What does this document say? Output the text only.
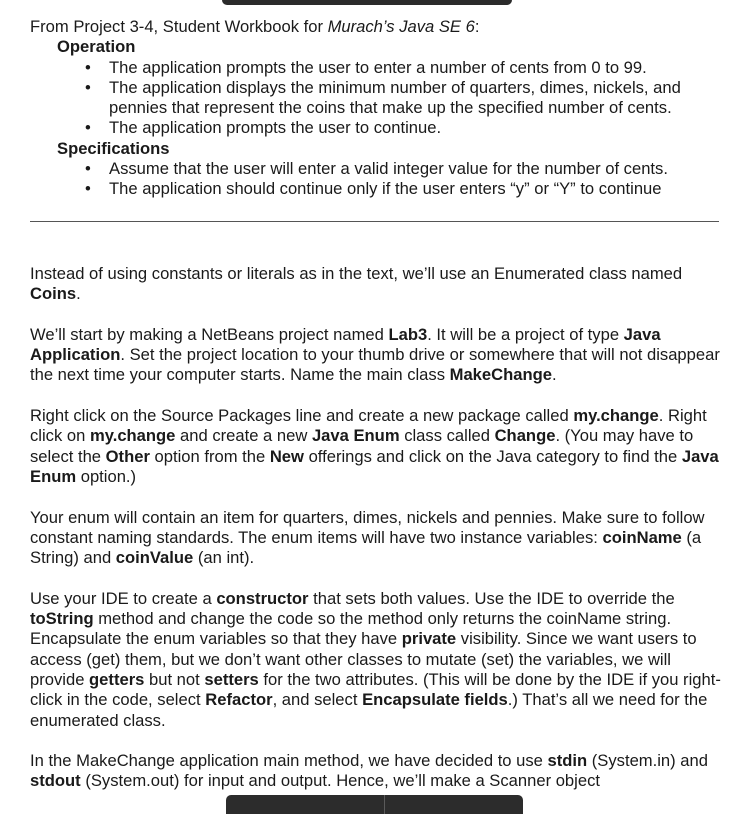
From Project 3-4, Student Workbook for Murach’s Java SE 6:

Operation

• The application prompts the user to enter a number of cents from 0 to 99.
• The application displays the minimum number of quarters, dimes, nickels, and pennies that represent the coins that make up the specified number of cents.
• The application prompts the user to continue.

Specifications

• Assume that the user will enter a valid integer value for the number of cents.
• The application should continue only if the user enters “y” or “Y” to continue

Instead of using constants or literals as in the text, we’ll use an Enumerated class named Coins.

We’ll start by making a NetBeans project named Lab3. It will be a project of type Java Application. Set the project location to your thumb drive or somewhere that will not disappear the next time your computer starts. Name the main class MakeChange.

Right click on the Source Packages line and create a new package called my.change. Right click on my.change and create a new Java Enum class called Change. (You may have to select the Other option from the New offerings and click on the Java category to find the Java Enum option.)

Your enum will contain an item for quarters, dimes, nickels and pennies. Make sure to follow constant naming standards. The enum items will have two instance variables: coinName (a String) and coinValue (an int).

Use your IDE to create a constructor that sets both values. Use the IDE to override the toString method and change the code so the method only returns the coinName string. Encapsulate the enum variables so that they have private visibility. Since we want users to access (get) them, but we don’t want other classes to mutate (set) the variables, we will provide getters but not setters for the two attributes. (This will be done by the IDE if you right-click in the code, select Refactor, and select Encapsulate fields.) That’s all we need for the enumerated class.

In the MakeChange application main method, we have decided to use stdin (System.in) and stdout (System.out) for input and output. Hence, we’ll make a Scanner object
